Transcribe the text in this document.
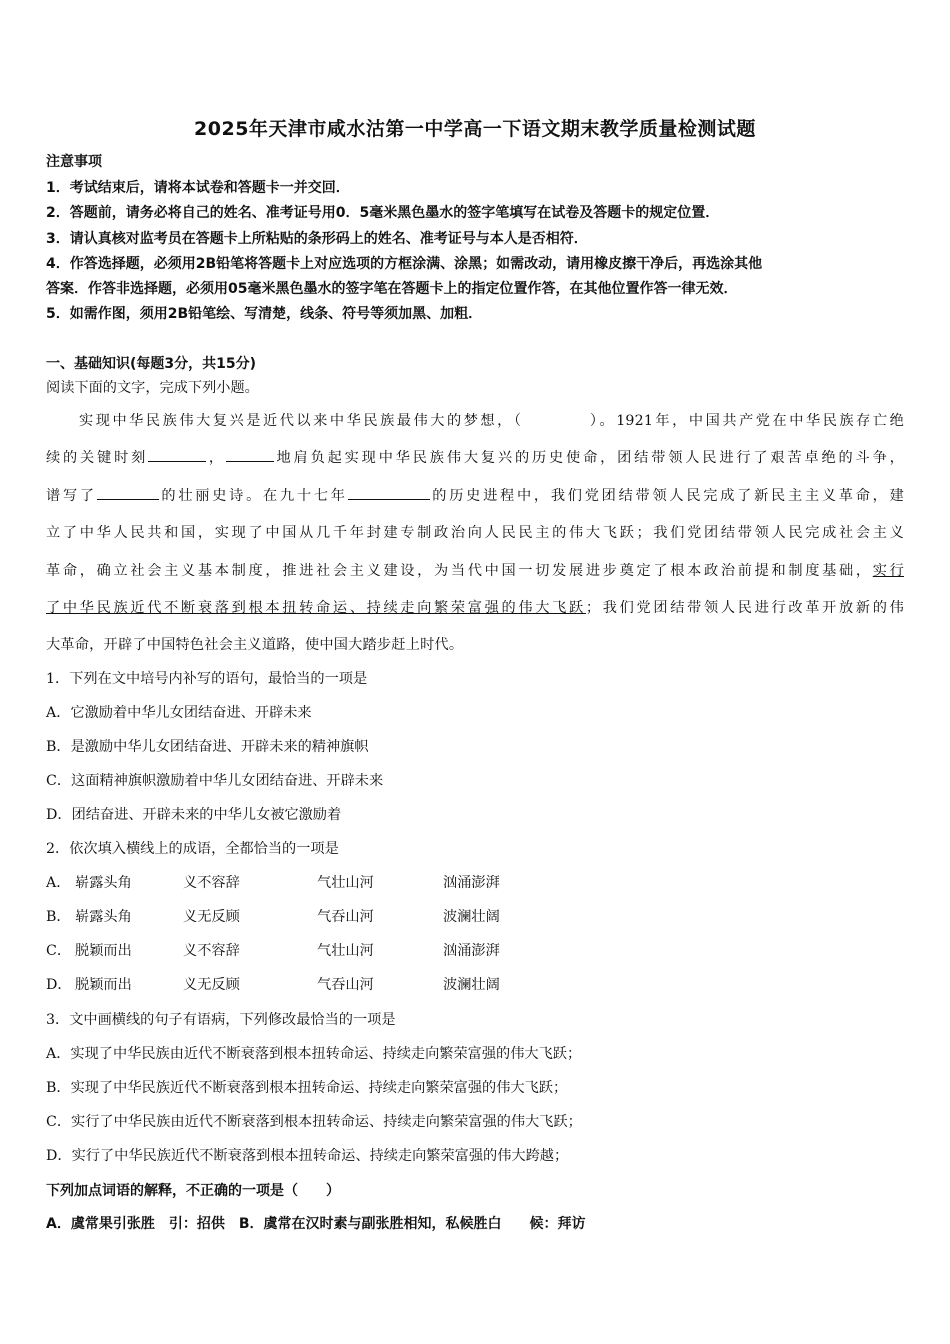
2025年天津市咸水沽第一中学高一下语文期末教学质量检测试题
注意事项
1．考试结束后，请将本试卷和答题卡一并交回．
2．答题前，请务必将自己的姓名、准考证号用0．5毫米黑色墨水的签字笔填写在试卷及答题卡的规定位置．
3．请认真核对监考员在答题卡上所粘贴的条形码上的姓名、准考证号与本人是否相符．
4．作答选择题，必须用2B铅笔将答题卡上对应选项的方框涂满、涂黑；如需改动，请用橡皮擦干净后，再选涂其他
答案．作答非选择题，必须用05毫米黑色墨水的签字笔在答题卡上的指定位置作答，在其他位置作答一律无效．
5．如需作图，须用2B铅笔绘、写清楚，线条、符号等须加黑、加粗．
一、基础知识(每题3分，共15分)
阅读下面的文字，完成下列小题。
实现中华民族伟大复兴是近代以来中华民族最伟大的梦想，（	）。1921年，中国共产党在中华民族存亡绝
续的关键时刻	，	地肩负起实现中华民族伟大复兴的历史使命，团结带领人民进行了艰苦卓绝的斗争，
谱写了	的壮丽史诗。在九十七年	的历史进程中，我们党团结带领人民完成了新民主主义革命，建
立了中华人民共和国，实现了中国从几千年封建专制政治向人民民主的伟大飞跃；我们党团结带领人民完成社会主义
革命，确立社会主义基本制度，推进社会主义建设，为当代中国一切发展进步奠定了根本政治前提和制度基础，实行
了中华民族近代不断衰落到根本扭转命运、持续走向繁荣富强的伟大飞跃；我们党团结带领人民进行改革开放新的伟
大革命，开辟了中国特色社会主义道路，使中国大踏步赶上时代。
1．下列在文中培号内补写的语句，最恰当的一项是
A．它激励着中华儿女团结奋进、开辟未来
B．是激励中华儿女团结奋进、开辟未来的精神旗帜
C．这面精神旗帜激励着中华儿女团结奋进、开辟未来
D．团结奋进、开辟未来的中华儿女被它激励着
2．依次填入横线上的成语，全都恰当的一项是
A． 崭露头角	义不容辞	气壮山河	汹涌澎湃
B． 崭露头角	义无反顾	气吞山河	波澜壮阔
C． 脱颖而出	义不容辞	气壮山河	汹涌澎湃
D． 脱颖而出	义无反顾	气吞山河	波澜壮阔
3．文中画横线的句子有语病，下列修改最恰当的一项是
A．实现了中华民族由近代不断衰落到根本扭转命运、持续走向繁荣富强的伟大飞跃；
B．实现了中华民族近代不断衰落到根本扭转命运、持续走向繁荣富强的伟大飞跃；
C．实行了中华民族由近代不断衰落到根本扭转命运、持续走向繁荣富强的伟大飞跃；
D．实行了中华民族近代不断衰落到根本扭转命运、持续走向繁荣富强的伟大跨越；
下列加点词语的解释，不正确的一项是（　　）
A．虞常果引张胜　引：招供　B．虞常在汉时素与副张胜相知，私候胜白　　候：拜访
